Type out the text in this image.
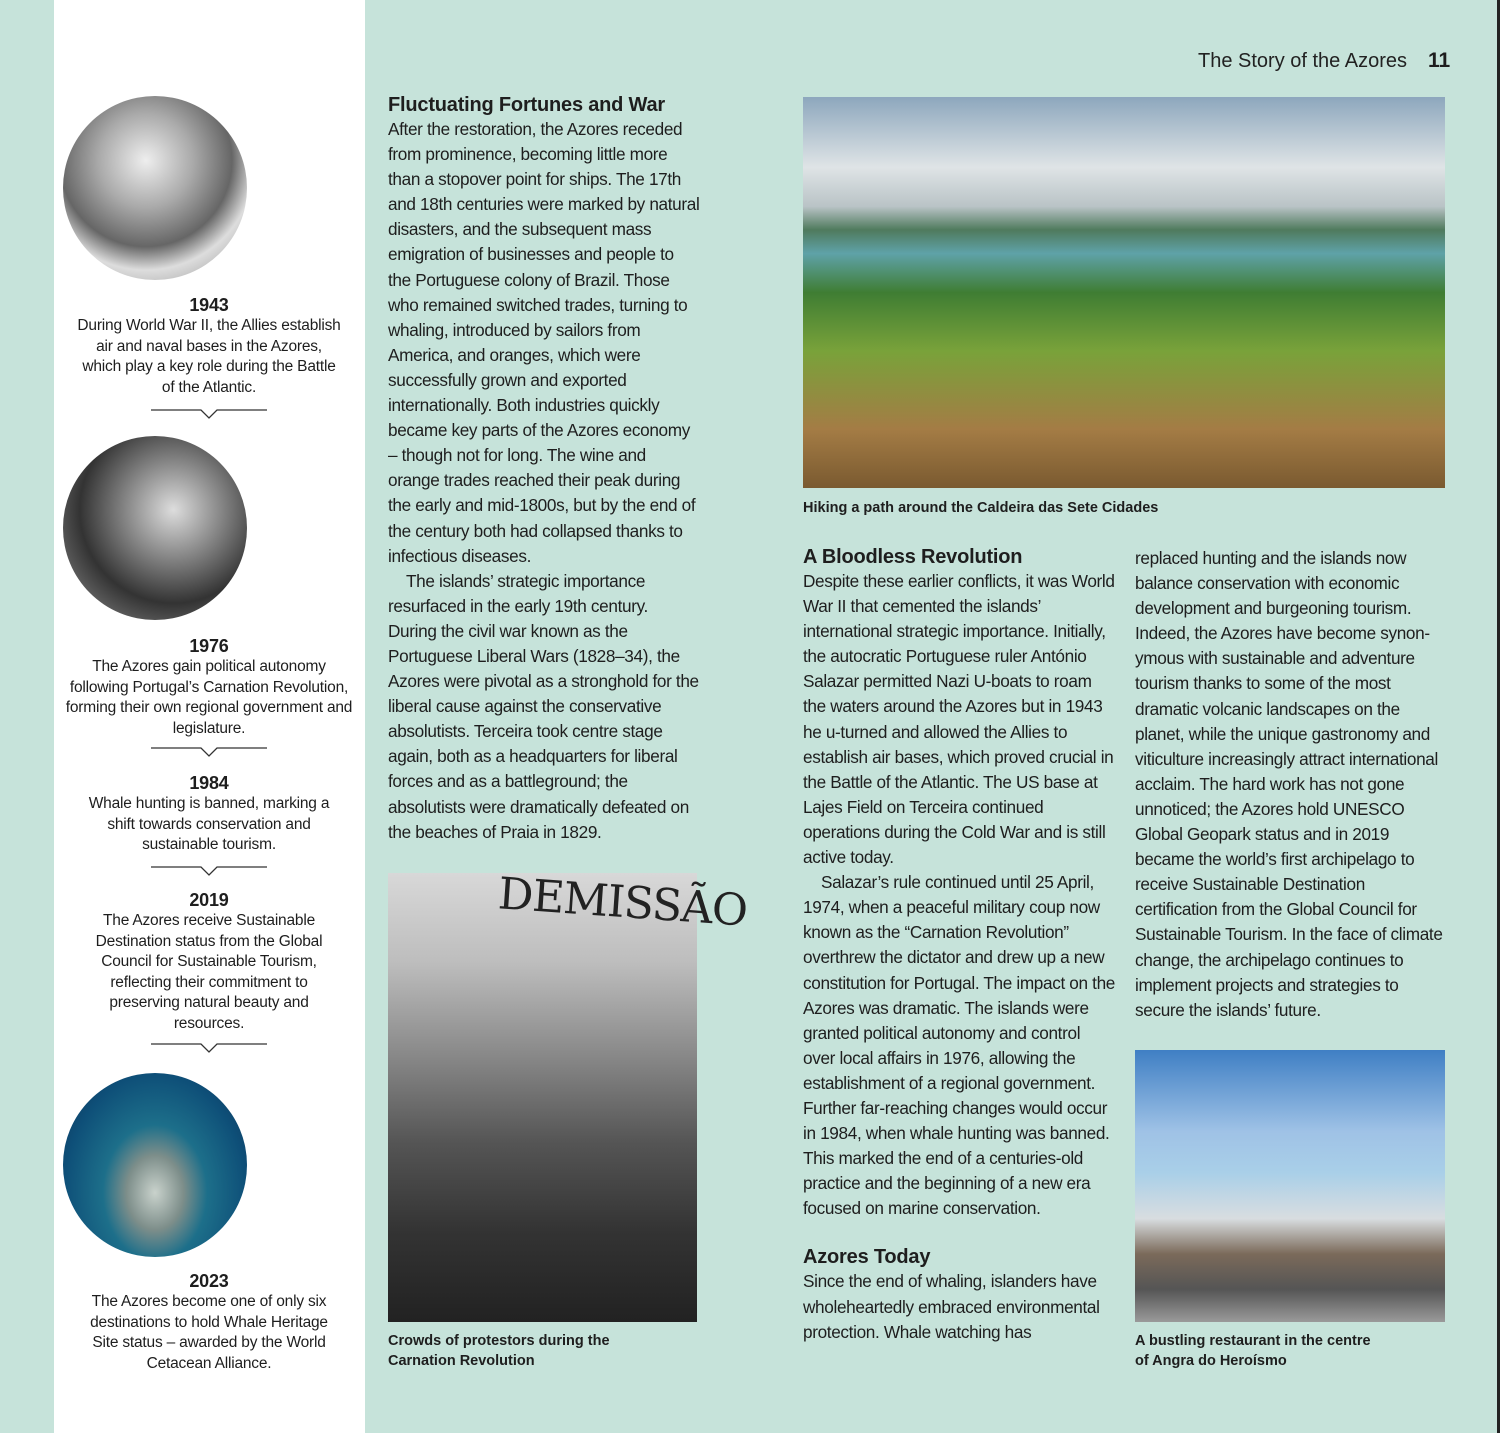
1943
During World War II, the Allies establish air and naval bases in the Azores, which play a key role during the Battle of the Atlantic.
1976
The Azores gain political autonomy following Portugal’s Carnation Revolution, forming their own regional government and legislature.
1984
Whale hunting is banned, marking a shift towards conservation and sustainable tourism.
2019
The Azores receive Sustainable Destination status from the Global Council for Sustainable Tourism, reflecting their commitment to preserving natural beauty and resources.
2023
The Azores become one of only six destinations to hold Whale Heritage Site status – awarded by the World Cetacean Alliance.
The Story of the Azores 11
Fluctuating Fortunes and War

After the restoration, the Azores receded from prominence, becoming little more than a stopover point for ships. The 17th and 18th centuries were marked by natural disasters, and the subsequent mass emigration of businesses and people to the Portuguese colony of Brazil. Those who remained switched trades, turning to whaling, introduced by sailors from America, and oranges, which were successfully grown and exported internationally. Both industries quickly became key parts of the Azores economy – though not for long. The wine and orange trades reached their peak during the early and mid-1800s, but by the end of the century both had collapsed thanks to infectious diseases.

The islands’ strategic importance resurfaced in the early 19th century. During the civil war known as the Portuguese Liberal Wars (1828–34), the Azores were pivotal as a stronghold for the liberal cause against the conservative absolutists. Terceira took centre stage again, both as a headquarters for liberal forces and as a battleground; the absolutists were dramatically defeated on the beaches of Praia in 1829.

DEMISSÃO
Crowds of protestors during the Carnation Revolution
Hiking a path around the Caldeira das Sete Cidades
A Bloodless Revolution

Despite these earlier conflicts, it was World War II that cemented the islands’ international strategic importance. Initially, the autocratic Portuguese ruler António Salazar permitted Nazi U-boats to roam the waters around the Azores but in 1943 he u-turned and allowed the Allies to establish air bases, which proved crucial in the Battle of the Atlantic. The US base at Lajes Field on Terceira continued operations during the Cold War and is still active today.

Salazar’s rule continued until 25 April, 1974, when a peaceful military coup now known as the “Carnation Revolution” overthrew the dictator and drew up a new constitution for Portugal. The impact on the Azores was dramatic. The islands were granted political autonomy and control over local affairs in 1976, allowing the establishment of a regional government. Further far-reaching changes would occur in 1984, when whale hunting was banned. This marked the end of a centuries-old practice and the beginning of a new era focused on marine conservation.

Azores Today

Since the end of whaling, islanders have wholeheartedly embraced environmental protection. Whale watching has

replaced hunting and the islands now balance conservation with economic development and burgeoning tourism. Indeed, the Azores have become synonymous with sustainable and adventure tourism thanks to some of the most dramatic volcanic landscapes on the planet, while the unique gastronomy and viticulture increasingly attract international acclaim. The hard work has not gone unnoticed; the Azores hold UNESCO Global Geopark status and in 2019 became the world’s first archipelago to receive Sustainable Destination certification from the Global Council for Sustainable Tourism. In the face of climate change, the archipelago continues to implement projects and strategies to secure the islands’ future.

A bustling restaurant in the centre of Angra do Heroísmo
